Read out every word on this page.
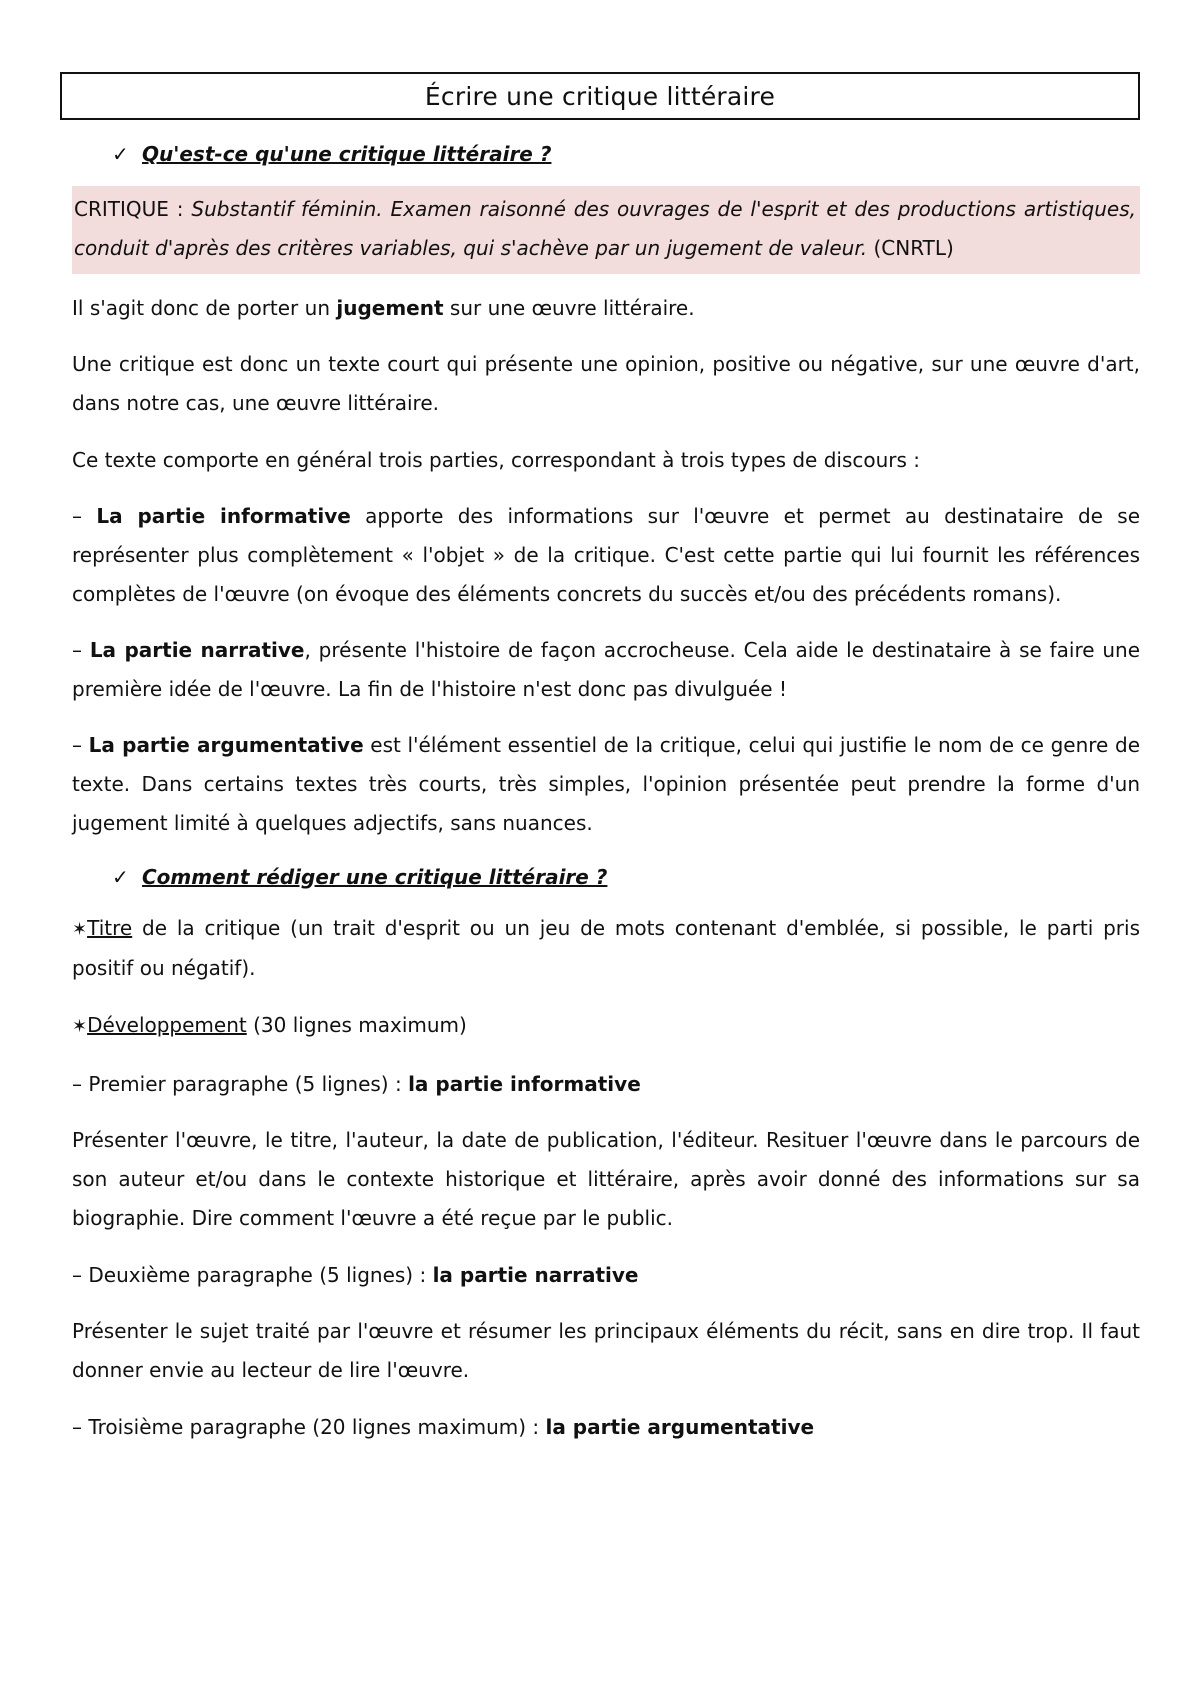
Écrire une critique littéraire
✓ Qu'est-ce qu'une critique littéraire ?
CRITIQUE : Substantif féminin. Examen raisonné des ouvrages de l'esprit et des productions artistiques, conduit d'après des critères variables, qui s'achève par un jugement de valeur. (CNRTL)

Il s'agit donc de porter un jugement sur une œuvre littéraire.

Une critique est donc un texte court qui présente une opinion, positive ou négative, sur une œuvre d'art, dans notre cas, une œuvre littéraire.

Ce texte comporte en général trois parties, correspondant à trois types de discours :

– La partie informative apporte des informations sur l'œuvre et permet au destinataire de se représenter plus complètement « l'objet » de la critique. C'est cette partie qui lui fournit les références complètes de l'œuvre (on évoque des éléments concrets du succès et/ou des précédents romans).

– La partie narrative, présente l'histoire de façon accrocheuse. Cela aide le destinataire à se faire une première idée de l'œuvre. La fin de l'histoire n'est donc pas divulguée !

– La partie argumentative est l'élément essentiel de la critique, celui qui justifie le nom de ce genre de texte. Dans certains textes très courts, très simples, l'opinion présentée peut prendre la forme d'un jugement limité à quelques adjectifs, sans nuances.

✓ Comment rédiger une critique littéraire ?

✶Titre de la critique (un trait d'esprit ou un jeu de mots contenant d'emblée, si possible, le parti pris positif ou négatif).

✶Développement (30 lignes maximum)

– Premier paragraphe (5 lignes) : la partie informative

Présenter l'œuvre, le titre, l'auteur, la date de publication, l'éditeur. Resituer l'œuvre dans le parcours de son auteur et/ou dans le contexte historique et littéraire, après avoir donné des informations sur sa biographie. Dire comment l'œuvre a été reçue par le public.

– Deuxième paragraphe (5 lignes) : la partie narrative

Présenter le sujet traité par l'œuvre et résumer les principaux éléments du récit, sans en dire trop. Il faut donner envie au lecteur de lire l'œuvre.

– Troisième paragraphe (20 lignes maximum) : la partie argumentative
